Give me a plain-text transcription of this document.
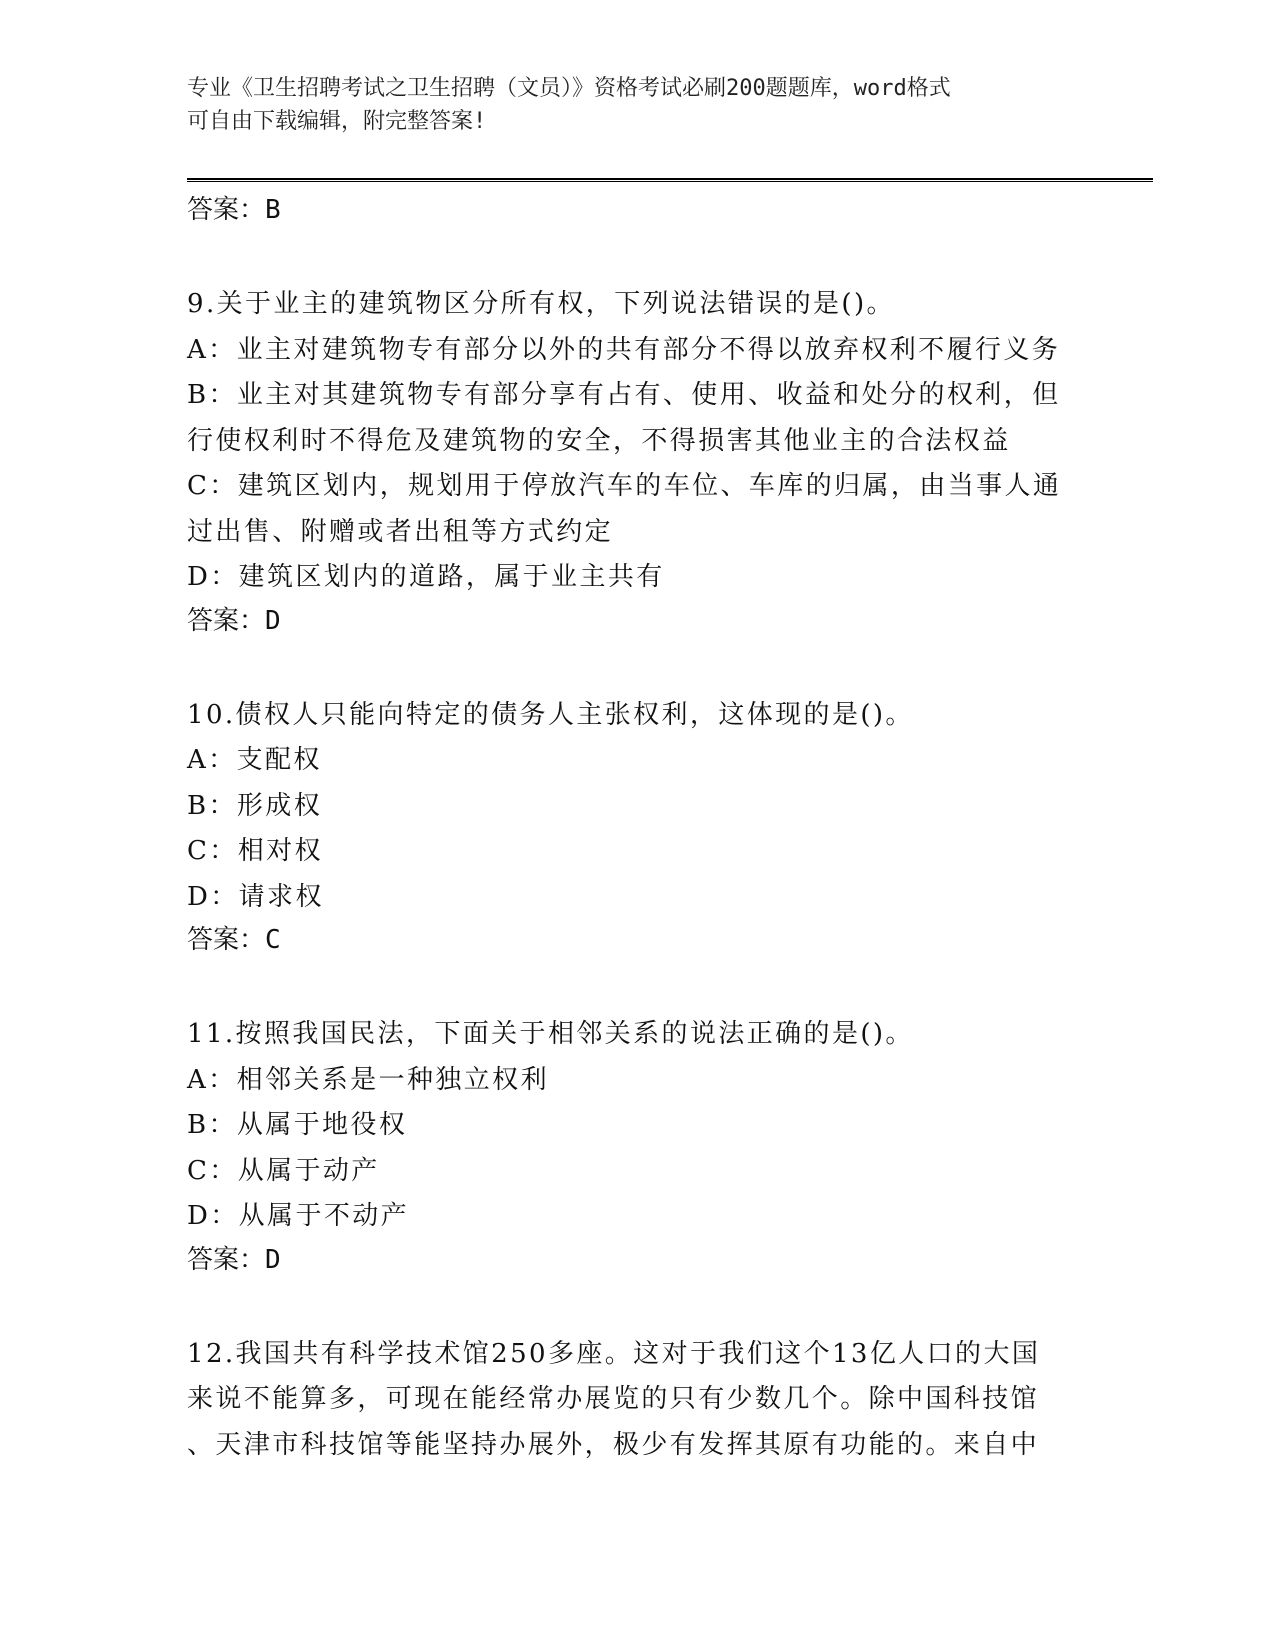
专业《卫生招聘考试之卫生招聘（文员）》资格考试必刷200题题库，word格式
可自由下载编辑，附完整答案!

答案：B

9.关于业主的建筑物区分所有权，下列说法错误的是()。

A：业主对建筑物专有部分以外的共有部分不得以放弃权利不履行义务

B：业主对其建筑物专有部分享有占有、使用、收益和处分的权利，但

行使权利时不得危及建筑物的安全，不得损害其他业主的合法权益

C：建筑区划内，规划用于停放汽车的车位、车库的归属，由当事人通

过出售、附赠或者出租等方式约定

D：建筑区划内的道路，属于业主共有

答案：D

10.债权人只能向特定的债务人主张权利，这体现的是()。

A：支配权

B：形成权

C：相对权

D：请求权

答案：C

11.按照我国民法，下面关于相邻关系的说法正确的是()。

A：相邻关系是一种独立权利

B：从属于地役权

C：从属于动产

D：从属于不动产

答案：D

12.我国共有科学技术馆250多座。这对于我们这个13亿人口的大国

来说不能算多，可现在能经常办展览的只有少数几个。除中国科技馆

、天津市科技馆等能坚持办展外，极少有发挥其原有功能的。来自中
